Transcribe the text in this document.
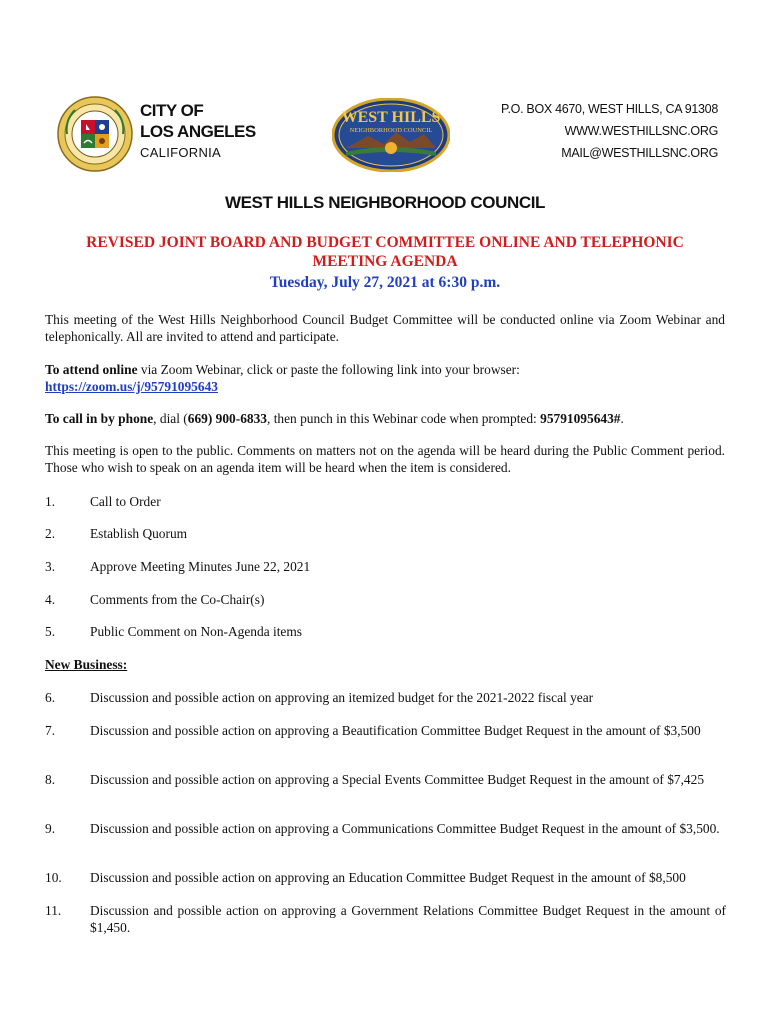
CITY OF
LOS ANGELES
CALIFORNIA
WEST HILLS
NEIGHBORHOOD COUNCIL
P.O. BOX 4670, WEST HILLS, CA 91308
WWW.WESTHILLSNC.ORG
MAIL@WESTHILLSNC.ORG
WEST HILLS NEIGHBORHOOD COUNCIL
REVISED JOINT BOARD AND BUDGET COMMITTEE ONLINE AND TELEPHONIC
MEETING AGENDA
Tuesday, July 27, 2021 at 6:30 p.m.
This meeting of the West Hills Neighborhood Council Budget Committee will be conducted online via Zoom Webinar and telephonically. All are invited to attend and participate.
To attend online via Zoom Webinar, click or paste the following link into your browser:
https://zoom.us/j/95791095643
To call in by phone, dial (669) 900-6833, then punch in this Webinar code when prompted: 95791095643#.
This meeting is open to the public. Comments on matters not on the agenda will be heard during the Public Comment period. Those who wish to speak on an agenda item will be heard when the item is considered.
1.	Call to Order
2.	Establish Quorum
3.	Approve Meeting Minutes June 22, 2021
4.	Comments from the Co-Chair(s)
5.	Public Comment on Non-Agenda items
New Business:
6.	Discussion and possible action on approving an itemized budget for the 2021-2022 fiscal year
7.	Discussion and possible action on approving a Beautification Committee Budget Request in the amount of $3,500
8.	Discussion and possible action on approving a Special Events Committee Budget Request in the amount of $7,425
9.	Discussion and possible action on approving a Communications Committee Budget Request in the amount of $3,500.
10. Discussion and possible action on approving an Education Committee Budget Request in the amount of $8,500
11. Discussion and possible action on approving a Government Relations Committee Budget Request in the amount of $1,450.
